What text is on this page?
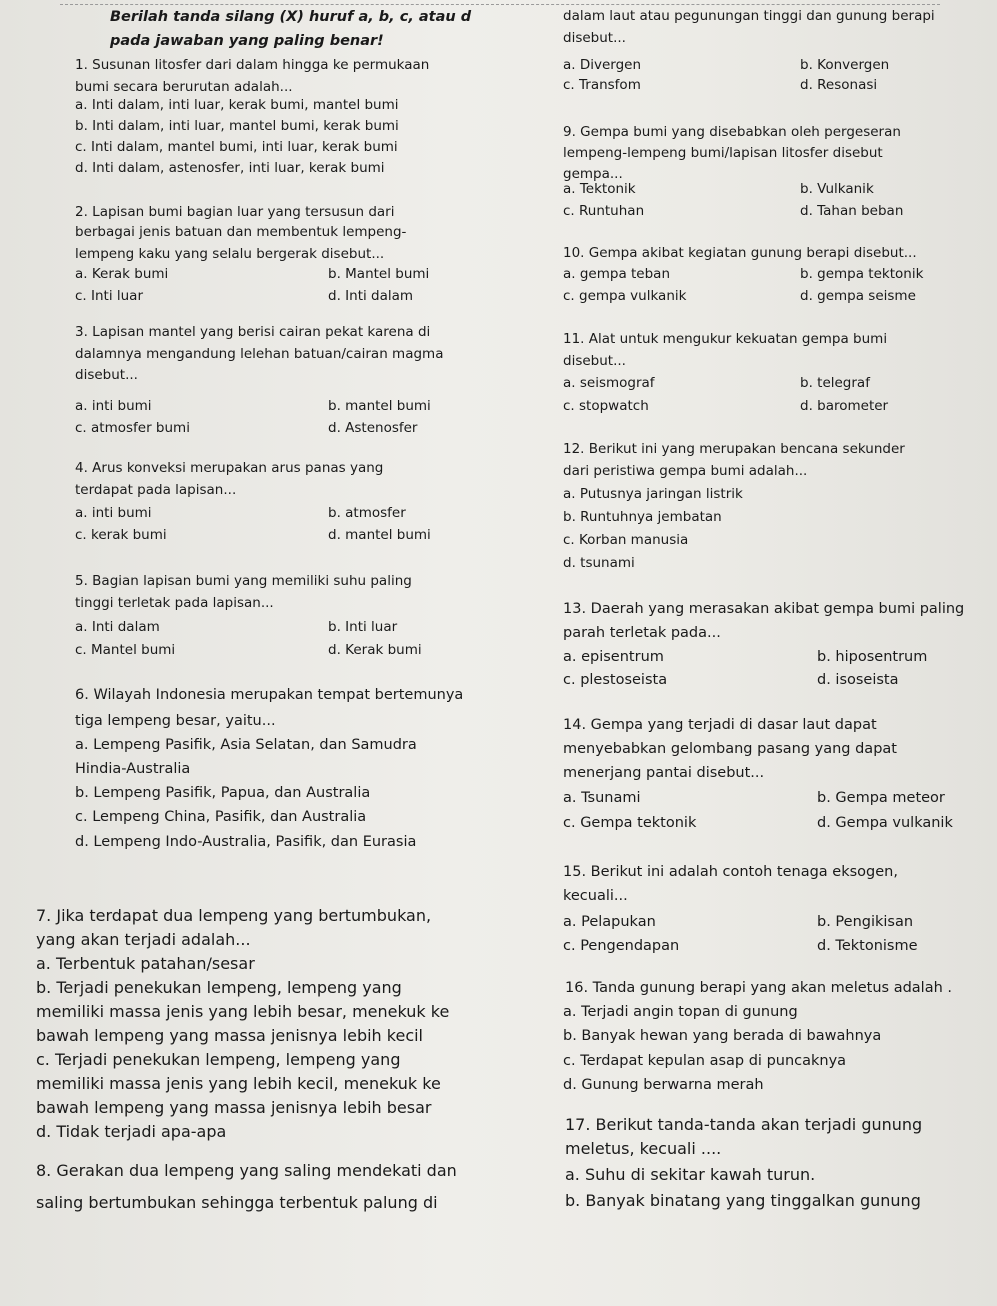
Berilah tanda silang (X) huruf a, b, c, atau d
pada jawaban yang paling benar!
1. Susunan litosfer dari dalam hingga ke permukaan
bumi secara berurutan adalah...
a. Inti dalam, inti luar, kerak bumi, mantel bumi
b. Inti dalam, inti luar, mantel bumi, kerak bumi
c. Inti dalam, mantel bumi, inti luar, kerak bumi
d. Inti dalam, astenosfer, inti luar, kerak bumi
2. Lapisan bumi bagian luar yang tersusun dari
berbagai jenis batuan dan membentuk lempeng-
lempeng kaku yang selalu bergerak disebut...
a. Kerak bumi	b. Mantel bumi
c. Inti luar	d. Inti dalam
3. Lapisan mantel yang berisi cairan pekat karena di
dalamnya mengandung lelehan batuan/cairan magma
disebut...
a. inti bumi	b. mantel bumi
c. atmosfer bumi	d. Astenosfer
4. Arus konveksi merupakan arus panas yang
terdapat pada lapisan...
a. inti bumi	b. atmosfer
c. kerak bumi	d. mantel bumi
5. Bagian lapisan bumi yang memiliki suhu paling
tinggi terletak pada lapisan...
a. Inti dalam	b. Inti luar
c. Mantel bumi	d. Kerak bumi
6. Wilayah Indonesia merupakan tempat bertemunya
tiga lempeng besar, yaitu...
a. Lempeng Pasifik, Asia Selatan, dan Samudra
Hindia-Australia
b. Lempeng Pasifik, Papua, dan Australia
c. Lempeng China, Pasifik, dan Australia
d. Lempeng Indo-Australia, Pasifik, dan Eurasia
7. Jika terdapat dua lempeng yang bertumbukan,
yang akan terjadi adalah...
a. Terbentuk patahan/sesar
b. Terjadi penekukan lempeng, lempeng yang
memiliki massa jenis yang lebih besar, menekuk ke
bawah lempeng yang massa jenisnya lebih kecil
c. Terjadi penekukan lempeng, lempeng yang
memiliki massa jenis yang lebih kecil, menekuk ke
bawah lempeng yang massa jenisnya lebih besar
d. Tidak terjadi apa-apa
8. Gerakan dua lempeng yang saling mendekati dan
saling bertumbukan sehingga terbentuk palung di
dalam laut atau pegunungan tinggi dan gunung berapi
disebut...
a. Divergen	b. Konvergen
c. Transfom	d. Resonasi
9. Gempa bumi yang disebabkan oleh pergeseran
lempeng-lempeng bumi/lapisan litosfer disebut
gempa...
a. Tektonik	b. Vulkanik
c. Runtuhan	d. Tahan beban
10. Gempa akibat kegiatan gunung berapi disebut...
a. gempa teban	b. gempa tektonik
c. gempa vulkanik	d. gempa seisme
11. Alat untuk mengukur kekuatan gempa bumi
disebut...
a. seismograf	b. telegraf
c. stopwatch	d. barometer
12. Berikut ini yang merupakan bencana sekunder
dari peristiwa gempa bumi adalah...
a. Putusnya jaringan listrik
b. Runtuhnya jembatan
c. Korban manusia
d. tsunami
13. Daerah yang merasakan akibat gempa bumi paling
parah terletak pada...
a. episentrum	b. hiposentrum
c. plestoseista	d. isoseista
14. Gempa yang terjadi di dasar laut dapat
menyebabkan gelombang pasang yang dapat
menerjang pantai disebut...
a. Tsunami	b. Gempa meteor
c. Gempa tektonik	d. Gempa vulkanik
15. Berikut ini adalah contoh tenaga eksogen,
kecuali...
a. Pelapukan	b. Pengikisan
c. Pengendapan	d. Tektonisme
16. Tanda gunung berapi yang akan meletus adalah .
a. Terjadi angin topan di gunung
b. Banyak hewan yang berada di bawahnya
c. Terdapat kepulan asap di puncaknya
d. Gunung berwarna merah
17. Berikut tanda-tanda akan terjadi gunung
meletus, kecuali ....
a. Suhu di sekitar kawah turun.
b. Banyak binatang yang tinggalkan gunung
